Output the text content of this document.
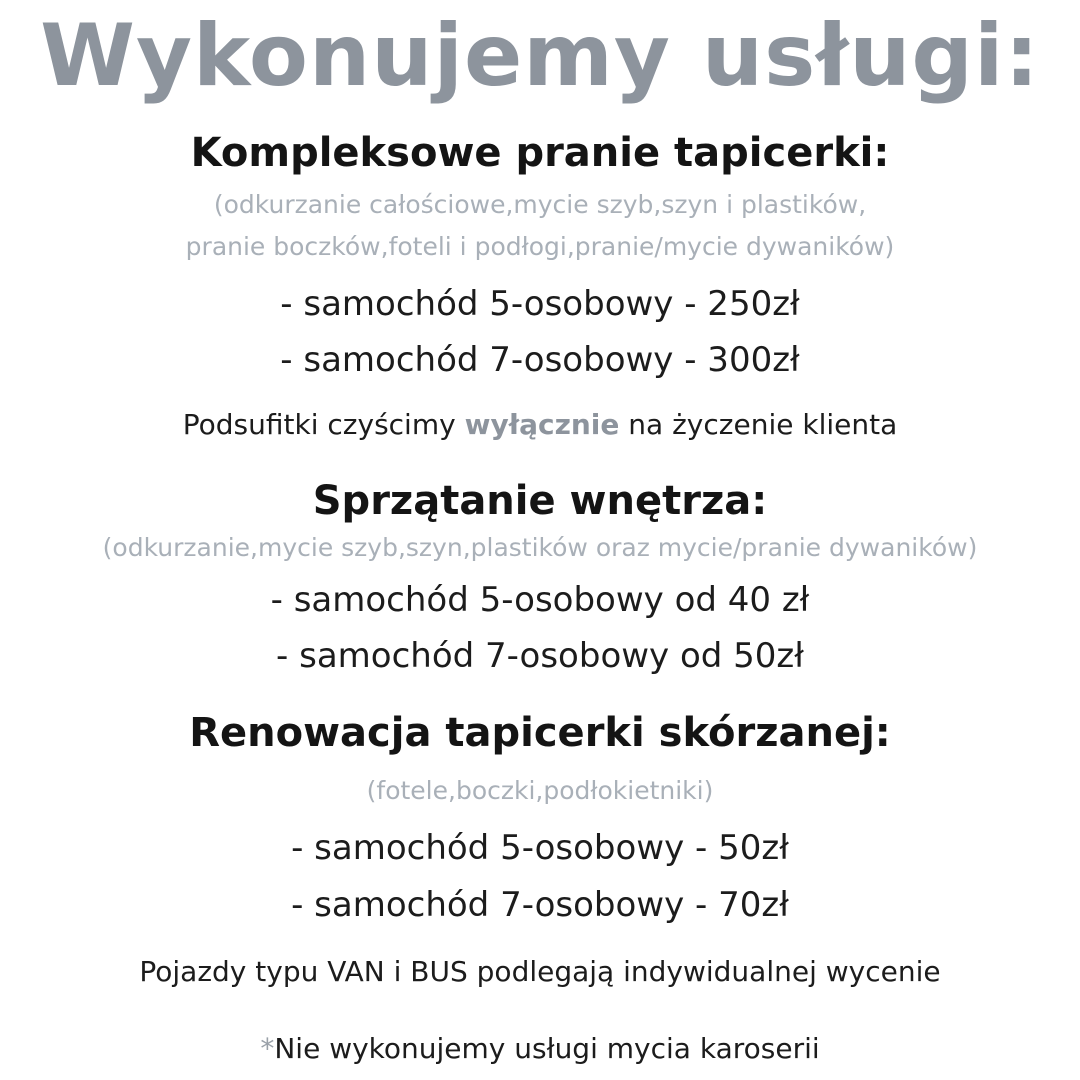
Wykonujemy usługi:
Kompleksowe pranie tapicerki:
(odkurzanie całościowe,mycie szyb,szyn i plastików,
pranie boczków,foteli i podłogi,pranie/mycie dywaników)
- samochód 5-osobowy - 250zł
- samochód 7-osobowy - 300zł
Podsufitki czyścimy wyłącznie na życzenie klienta
Sprzątanie wnętrza:
(odkurzanie,mycie szyb,szyn,plastików oraz mycie/pranie dywaników)
- samochód 5-osobowy od 40 zł
- samochód 7-osobowy od 50zł
Renowacja tapicerki skórzanej:
(fotele,boczki,podłokietniki)
- samochód 5-osobowy - 50zł
- samochód 7-osobowy - 70zł
Pojazdy typu VAN i BUS podlegają indywidualnej wycenie
*Nie wykonujemy usługi mycia karoserii
